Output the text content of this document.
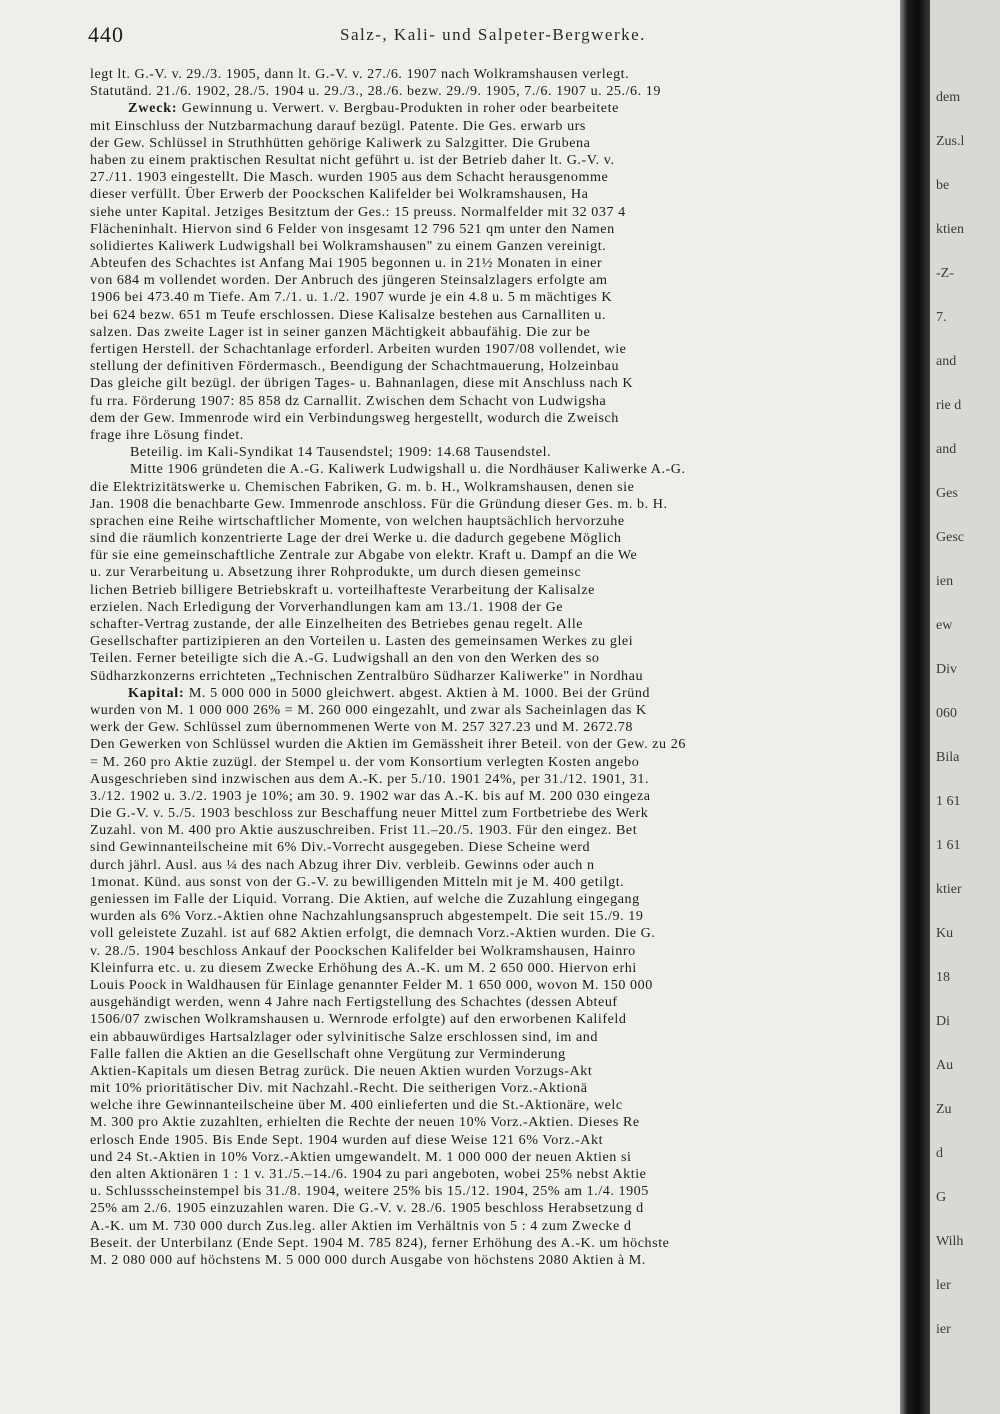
440	Salz-, Kali- und Salpeter-Bergwerke.
legt lt. G.-V. v. 29./3. 1905, dann lt. G.-V. v. 27./6. 1907 nach Wolkramshausen verlegt.
Statutänd. 21./6. 1902, 28./5. 1904 u. 29./3., 28./6. bezw. 29./9. 1905, 7./6. 1907 u. 25./6. 19
Zweck: Gewinnung u. Verwert. v. Bergbau-Produkten in roher oder bearbeitete
mit Einschluss der Nutzbarmachung darauf bezügl. Patente. Die Ges. erwarb urs
der Gew. Schlüssel in Struthhütten gehörige Kaliwerk zu Salzgitter. Die Grubena
haben zu einem praktischen Resultat nicht geführt u. ist der Betrieb daher lt. G.-V. v.
27./11. 1903 eingestellt. Die Masch. wurden 1905 aus dem Schacht herausgenomme
dieser verfüllt. Über Erwerb der Poockschen Kalifelder bei Wolkramshausen, Ha
siehe unter Kapital. Jetziges Besitztum der Ges.: 15 preuss. Normalfelder mit 32 037 4
Flächeninhalt. Hiervon sind 6 Felder von insgesamt 12 796 521 qm unter den Namen
solidiertes Kaliwerk Ludwigshall bei Wolkramshausen" zu einem Ganzen vereinigt.
Abteufen des Schachtes ist Anfang Mai 1905 begonnen u. in 21½ Monaten in einer
von 684 m vollendet worden. Der Anbruch des jüngeren Steinsalzlagers erfolgte am
1906 bei 473.40 m Tiefe. Am 7./1. u. 1./2. 1907 wurde je ein 4.8 u. 5 m mächtiges K
bei 624 bezw. 651 m Teufe erschlossen. Diese Kalisalze bestehen aus Carnalliten u.
salzen. Das zweite Lager ist in seiner ganzen Mächtigkeit abbaufähig. Die zur be
fertigen Herstell. der Schachtanlage erforderl. Arbeiten wurden 1907/08 vollendet, wie
stellung der definitiven Fördermasch., Beendigung der Schachtmauerung, Holzeinbau
Das gleiche gilt bezügl. der übrigen Tages- u. Bahnanlagen, diese mit Anschluss nach K
fu rra. Förderung 1907: 85 858 dz Carnallit. Zwischen dem Schacht von Ludwigsha
dem der Gew. Immenrode wird ein Verbindungsweg hergestellt, wodurch die Zweisch
frage ihre Lösung findet.
Beteilig. im Kali-Syndikat 14 Tausendstel; 1909: 14.68 Tausendstel.
Mitte 1906 gründeten die A.-G. Kaliwerk Ludwigshall u. die Nordhäuser Kaliwerke A.-G.
die Elektrizitätswerke u. Chemischen Fabriken, G. m. b. H., Wolkramshausen, denen sie
Jan. 1908 die benachbarte Gew. Immenrode anschloss. Für die Gründung dieser Ges. m. b. H.
sprachen eine Reihe wirtschaftlicher Momente, von welchen hauptsächlich hervorzuhe
sind die räumlich konzentrierte Lage der drei Werke u. die dadurch gegebene Möglich
für sie eine gemeinschaftliche Zentrale zur Abgabe von elektr. Kraft u. Dampf an die We
u. zur Verarbeitung u. Absetzung ihrer Rohprodukte, um durch diesen gemeinsc
lichen Betrieb billigere Betriebskraft u. vorteilhafteste Verarbeitung der Kalisalze
erzielen. Nach Erledigung der Vorverhandlungen kam am 13./1. 1908 der Ge
schafter-Vertrag zustande, der alle Einzelheiten des Betriebes genau regelt. Alle
Gesellschafter partizipieren an den Vorteilen u. Lasten des gemeinsamen Werkes zu glei
Teilen. Ferner beteiligte sich die A.-G. Ludwigshall an den von den Werken des so
Südharzkonzerns errichteten „Technischen Zentralbüro Südharzer Kaliwerke" in Nordhau
Kapital: M. 5 000 000 in 5000 gleichwert. abgest. Aktien à M. 1000. Bei der Gründ
wurden von M. 1 000 000 26% = M. 260 000 eingezahlt, und zwar als Sacheinlagen das K
werk der Gew. Schlüssel zum übernommenen Werte von M. 257 327.23 und M. 2672.78
Den Gewerken von Schlüssel wurden die Aktien im Gemässheit ihrer Beteil. von der Gew. zu 26
= M. 260 pro Aktie zuzügl. der Stempel u. der vom Konsortium verlegten Kosten angebo
Ausgeschrieben sind inzwischen aus dem A.-K. per 5./10. 1901 24%, per 31./12. 1901, 31.
3./12. 1902 u. 3./2. 1903 je 10%; am 30. 9. 1902 war das A.-K. bis auf M. 200 030 eingeza
Die G.-V. v. 5./5. 1903 beschloss zur Beschaffung neuer Mittel zum Fortbetriebe des Werk
Zuzahl. von M. 400 pro Aktie auszuschreiben. Frist 11.–20./5. 1903. Für den eingez. Bet
sind Gewinnanteilscheine mit 6% Div.-Vorrecht ausgegeben. Diese Scheine werd
durch jährl. Ausl. aus ¼ des nach Abzug ihrer Div. verbleib. Gewinns oder auch n
1monat. Künd. aus sonst von der G.-V. zu bewilligenden Mitteln mit je M. 400 getilgt.
geniessen im Falle der Liquid. Vorrang. Die Aktien, auf welche die Zuzahlung eingegang
wurden als 6% Vorz.-Aktien ohne Nachzahlungsanspruch abgestempelt. Die seit 15./9. 19
voll geleistete Zuzahl. ist auf 682 Aktien erfolgt, die demnach Vorz.-Aktien wurden. Die G.
v. 28./5. 1904 beschloss Ankauf der Poockschen Kalifelder bei Wolkramshausen, Hainro
Kleinfurra etc. u. zu diesem Zwecke Erhöhung des A.-K. um M. 2 650 000. Hiervon erhi
Louis Poock in Waldhausen für Einlage genannter Felder M. 1 650 000, wovon M. 150 000
ausgehändigt werden, wenn 4 Jahre nach Fertigstellung des Schachtes (dessen Abteuf
1506/07 zwischen Wolkramshausen u. Wernrode erfolgte) auf den erworbenen Kalifeld
ein abbauwürdiges Hartsalzlager oder sylvinitische Salze erschlossen sind, im and
Falle fallen die Aktien an die Gesellschaft ohne Vergütung zur Verminderung
Aktien-Kapitals um diesen Betrag zurück. Die neuen Aktien wurden Vorzugs-Akt
mit 10% prioritätischer Div. mit Nachzahl.-Recht. Die seitherigen Vorz.-Aktionä
welche ihre Gewinnanteilscheine über M. 400 einlieferten und die St.-Aktionäre, welc
M. 300 pro Aktie zuzahlten, erhielten die Rechte der neuen 10% Vorz.-Aktien. Dieses Re
erlosch Ende 1905. Bis Ende Sept. 1904 wurden auf diese Weise 121 6% Vorz.-Akt
und 24 St.-Aktien in 10% Vorz.-Aktien umgewandelt. M. 1 000 000 der neuen Aktien si
den alten Aktionären 1 : 1 v. 31./5.–14./6. 1904 zu pari angeboten, wobei 25% nebst Aktie
u. Schlussscheinstempel bis 31./8. 1904, weitere 25% bis 15./12. 1904, 25% am 1./4. 1905
25% am 2./6. 1905 einzuzahlen waren. Die G.-V. v. 28./6. 1905 beschloss Herabsetzung d
A.-K. um M. 730 000 durch Zus.leg. aller Aktien im Verhältnis von 5 : 4 zum Zwecke d
Beseit. der Unterbilanz (Ende Sept. 1904 M. 785 824), ferner Erhöhung des A.-K. um höchste
M. 2 080 000 auf höchstens M. 5 000 000 durch Ausgabe von höchstens 2080 Aktien à M.
dem
Zus.l
be
ktien
-Z-
7.
and
rie d
and
Ges
Gesc
ien
ew
Div
060
Bila
1 61
1 61
ktier
Ku
18
Di
Au
Zu
d
G
Wilh
ler
ier
